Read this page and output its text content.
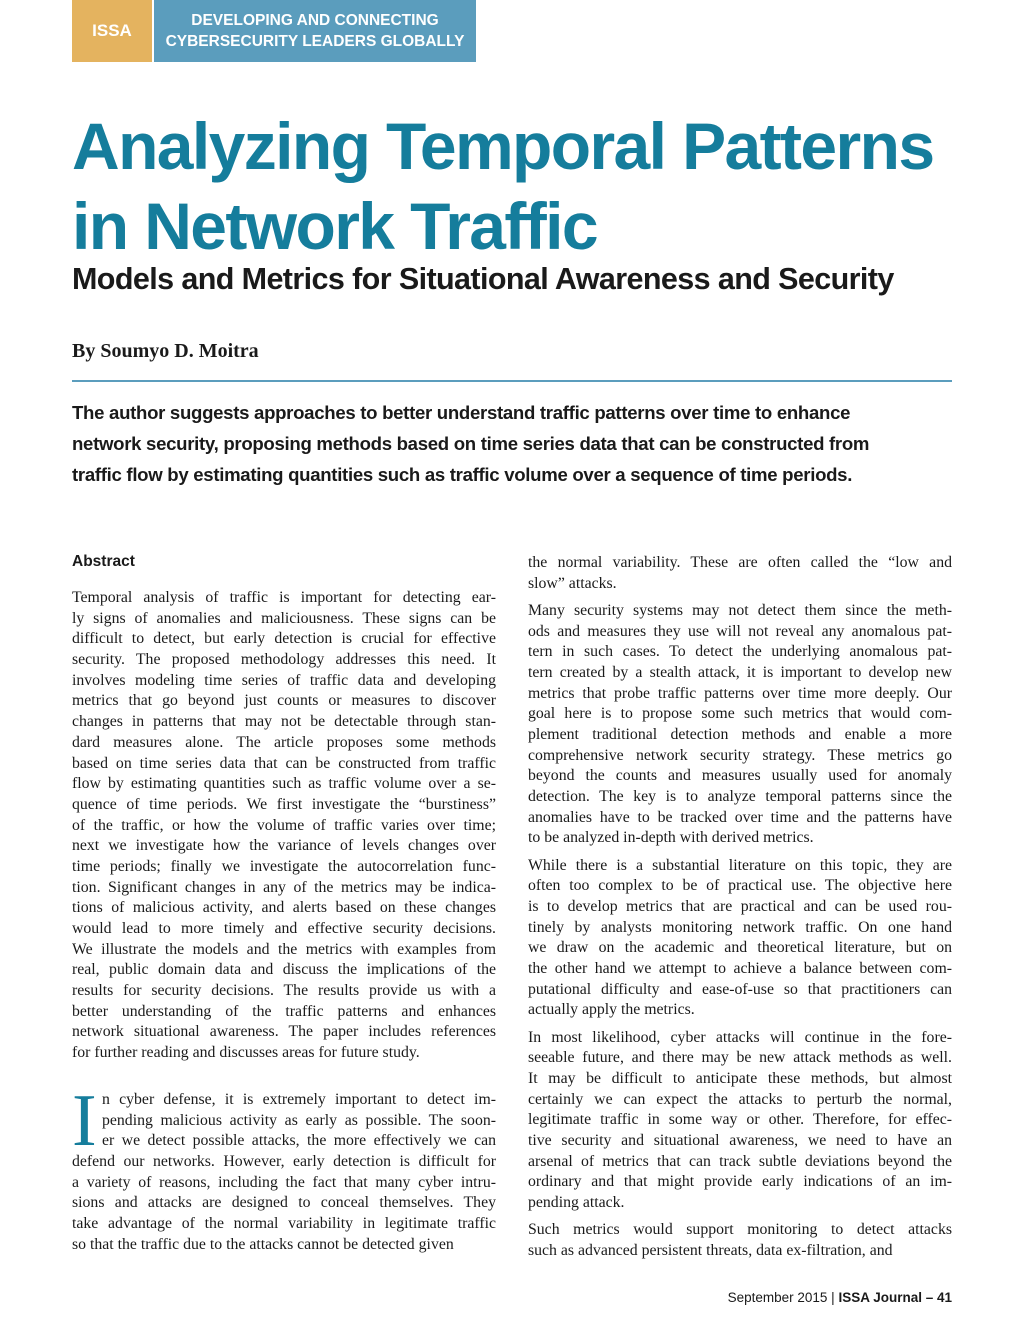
ISSA
DEVELOPING AND CONNECTING
CYBERSECURITY LEADERS GLOBALLY
Analyzing Temporal Patterns
in Network Traffic
Models and Metrics for Situational Awareness and Security

By Soumyo D. Moitra

The author suggests approaches to better understand traffic patterns over time to enhance
network security, proposing methods based on time series data that can be constructed from
traffic flow by estimating quantities such as traffic volume over a sequence of time periods.

Abstract
Temporal analysis of traffic is important for detecting ear-
ly signs of anomalies and maliciousness. These signs can be
difficult to detect, but early detection is crucial for effective
security. The proposed methodology addresses this need. It
involves modeling time series of traffic data and developing
metrics that go beyond just counts or measures to discover
changes in patterns that may not be detectable through stan-
dard measures alone. The article proposes some methods
based on time series data that can be constructed from traffic
flow by estimating quantities such as traffic volume over a se-
quence of time periods. We first investigate the “burstiness”
of the traffic, or how the volume of traffic varies over time;
next we investigate how the variance of levels changes over
time periods; finally we investigate the autocorrelation func-
tion. Significant changes in any of the metrics may be indica-
tions of malicious activity, and alerts based on these changes
would lead to more timely and effective security decisions.
We illustrate the models and the metrics with examples from
real, public domain data and discuss the implications of the
results for security decisions. The results provide us with a
better understanding of the traffic patterns and enhances
network situational awareness. The paper includes references
for further reading and discusses areas for future study.
I n cyber defense, it is extremely important to detect im-
pending malicious activity as early as possible. The soon-
er we detect possible attacks, the more effectively we can
defend our networks. However, early detection is difficult for
a variety of reasons, including the fact that many cyber intru-
sions and attacks are designed to conceal themselves. They
take advantage of the normal variability in legitimate traffic
so that the traffic due to the attacks cannot be detected given
the normal variability. These are often called the “low and
slow” attacks.
Many security systems may not detect them since the meth-
ods and measures they use will not reveal any anomalous pat-
tern in such cases. To detect the underlying anomalous pat-
tern created by a stealth attack, it is important to develop new
metrics that probe traffic patterns over time more deeply. Our
goal here is to propose some such metrics that would com-
plement traditional detection methods and enable a more
comprehensive network security strategy. These metrics go
beyond the counts and measures usually used for anomaly
detection. The key is to analyze temporal patterns since the
anomalies have to be tracked over time and the patterns have
to be analyzed in-depth with derived metrics.
While there is a substantial literature on this topic, they are
often too complex to be of practical use. The objective here
is to develop metrics that are practical and can be used rou-
tinely by analysts monitoring network traffic. On one hand
we draw on the academic and theoretical literature, but on
the other hand we attempt to achieve a balance between com-
putational difficulty and ease-of-use so that practitioners can
actually apply the metrics.
In most likelihood, cyber attacks will continue in the fore-
seeable future, and there may be new attack methods as well.
It may be difficult to anticipate these methods, but almost
certainly we can expect the attacks to perturb the normal,
legitimate traffic in some way or other. Therefore, for effec-
tive security and situational awareness, we need to have an
arsenal of metrics that can track subtle deviations beyond the
ordinary and that might provide early indications of an im-
pending attack.
Such metrics would support monitoring to detect attacks
such as advanced persistent threats, data ex-filtration, and
September 2015 | ISSA Journal – 41
